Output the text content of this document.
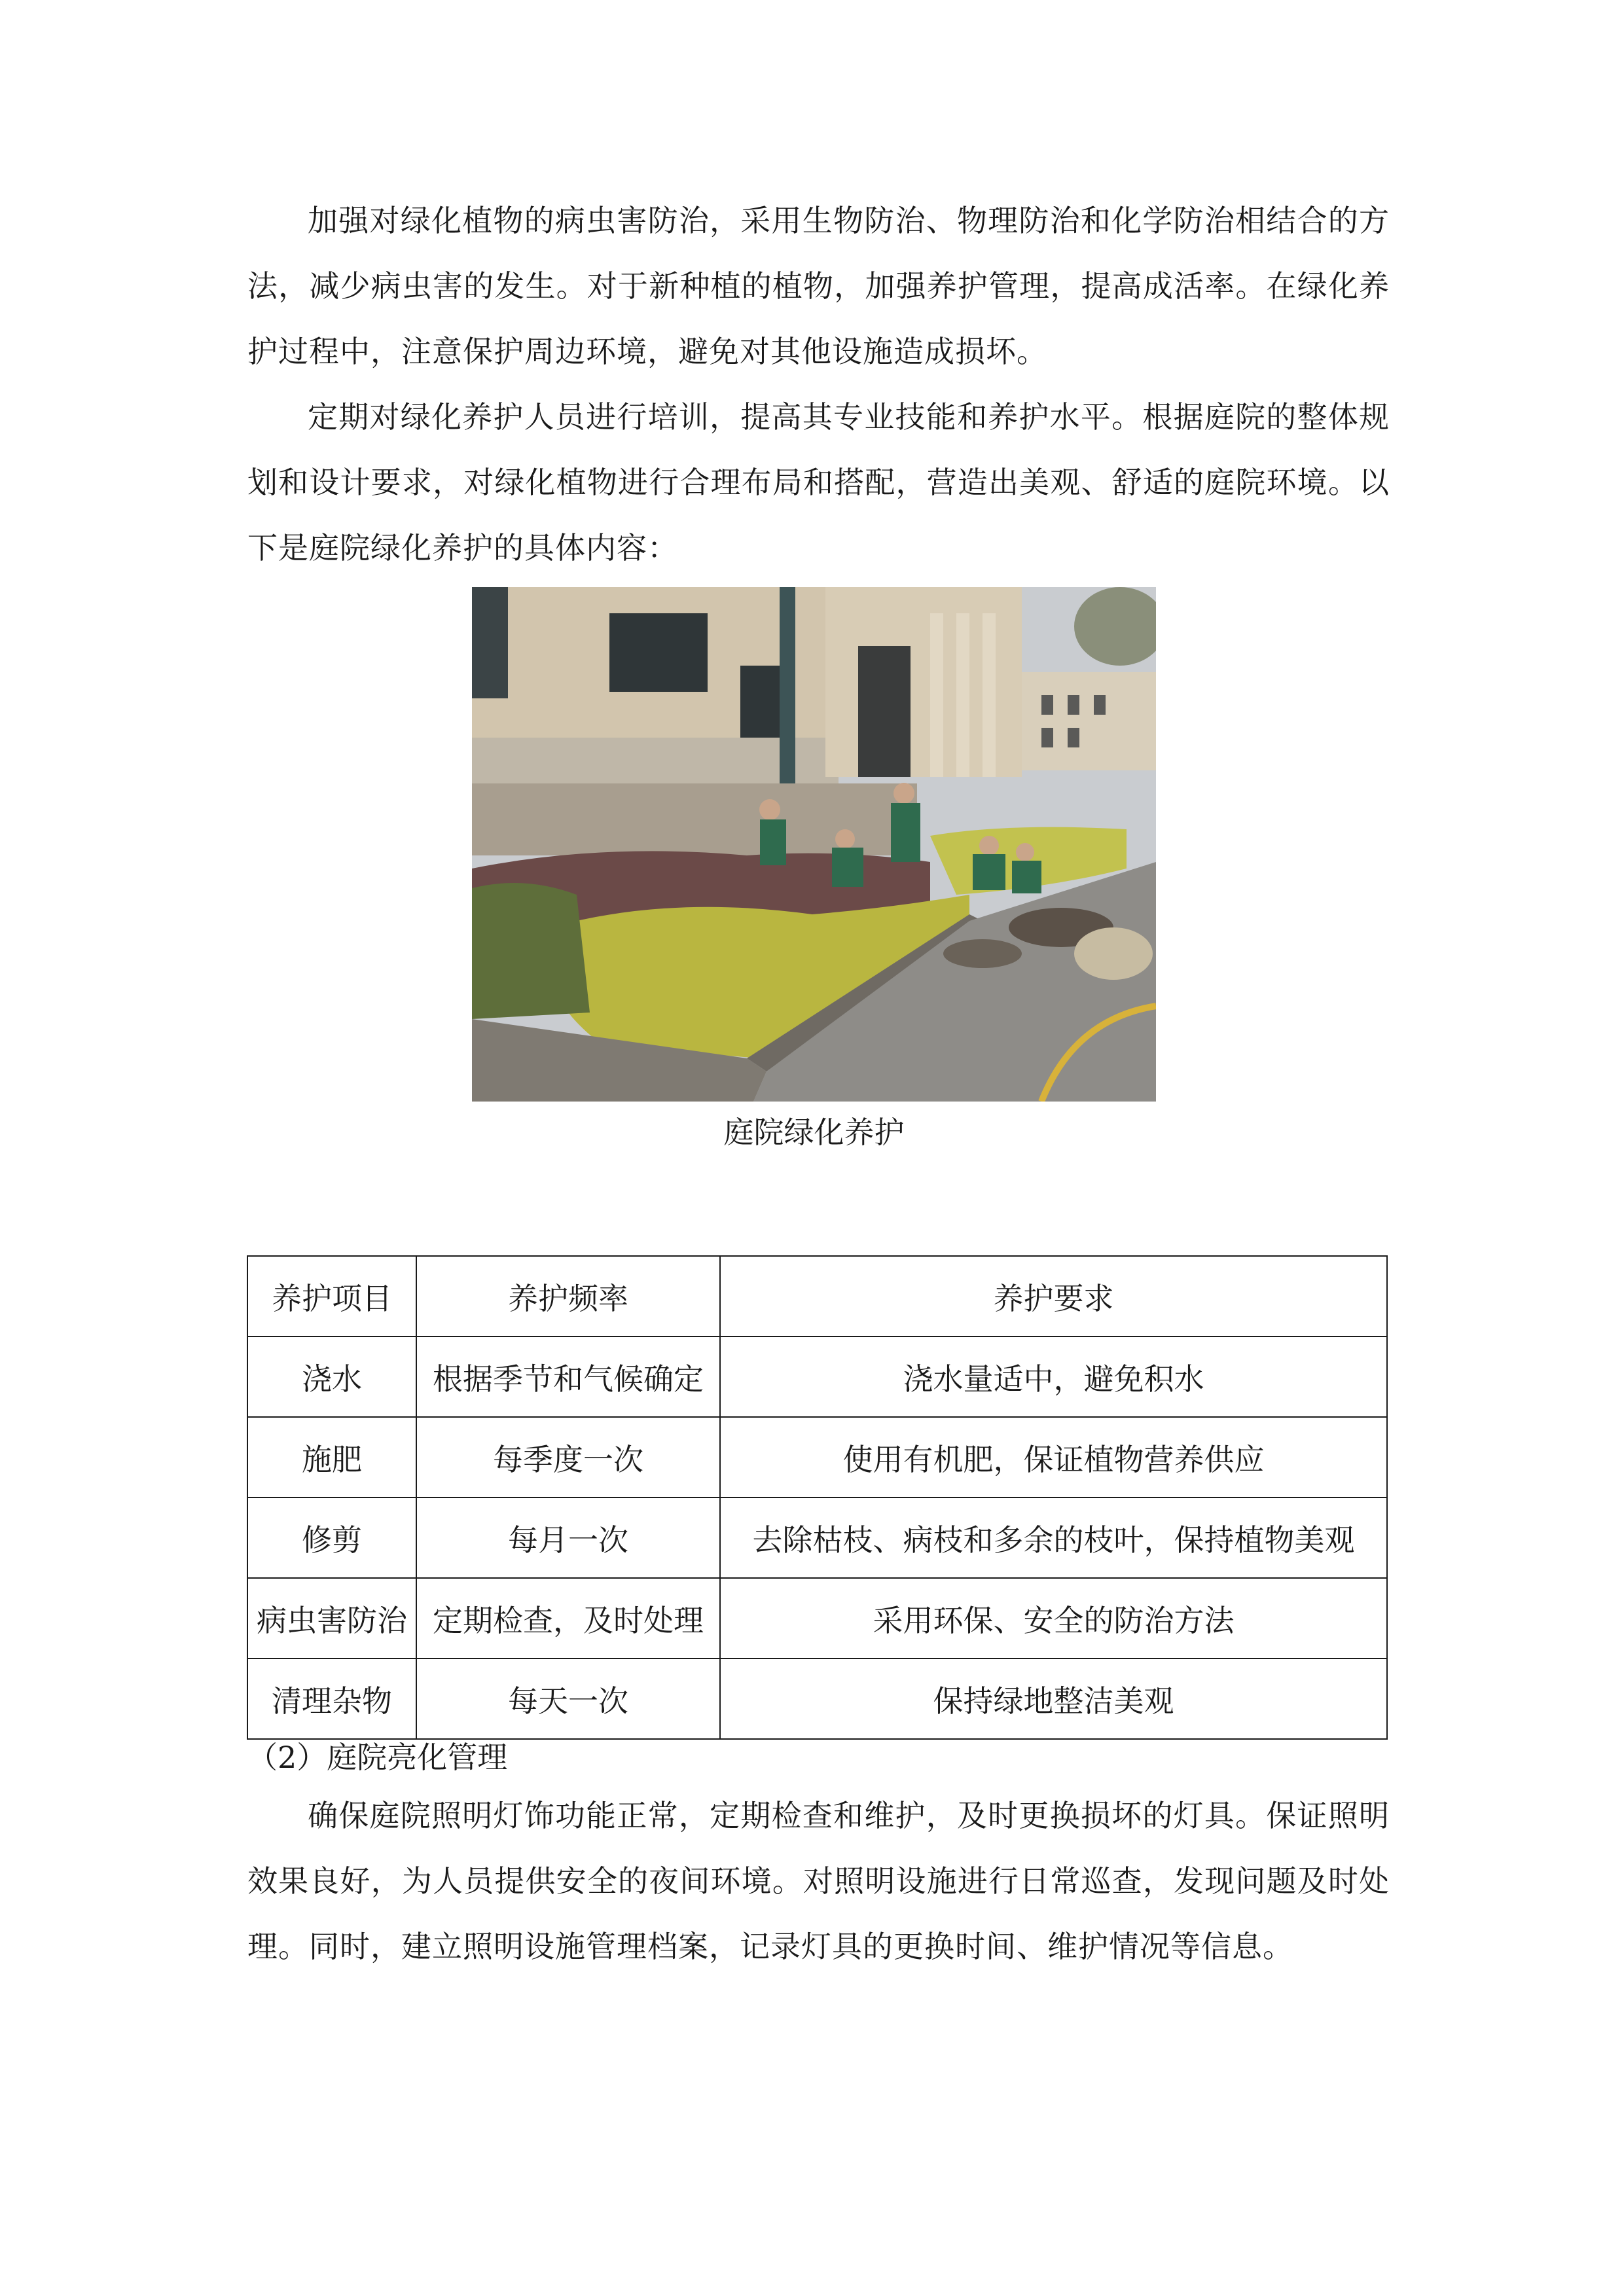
加强对绿化植物的病虫害防治，采用生物防治、物理防治和化学防治相结合的方法，减少病虫害的发生。对于新种植的植物，加强养护管理，提高成活率。在绿化养护过程中，注意保护周边环境，避免对其他设施造成损坏。

定期对绿化养护人员进行培训，提高其专业技能和养护水平。根据庭院的整体规划和设计要求，对绿化植物进行合理布局和搭配，营造出美观、舒适的庭院环境。以下是庭院绿化养护的具体内容：

庭院绿化养护
养护项目	养护频率	养护要求
浇水	根据季节和气候确定	浇水量适中，避免积水
施肥	每季度一次	使用有机肥，保证植物营养供应
修剪	每月一次	去除枯枝、病枝和多余的枝叶，保持植物美观
病虫害防治	定期检查，及时处理	采用环保、安全的防治方法
清理杂物	每天一次	保持绿地整洁美观

（2）庭院亮化管理

确保庭院照明灯饰功能正常，定期检查和维护，及时更换损坏的灯具。保证照明效果良好，为人员提供安全的夜间环境。对照明设施进行日常巡查，发现问题及时处理。同时，建立照明设施管理档案，记录灯具的更换时间、维护情况等信息。
